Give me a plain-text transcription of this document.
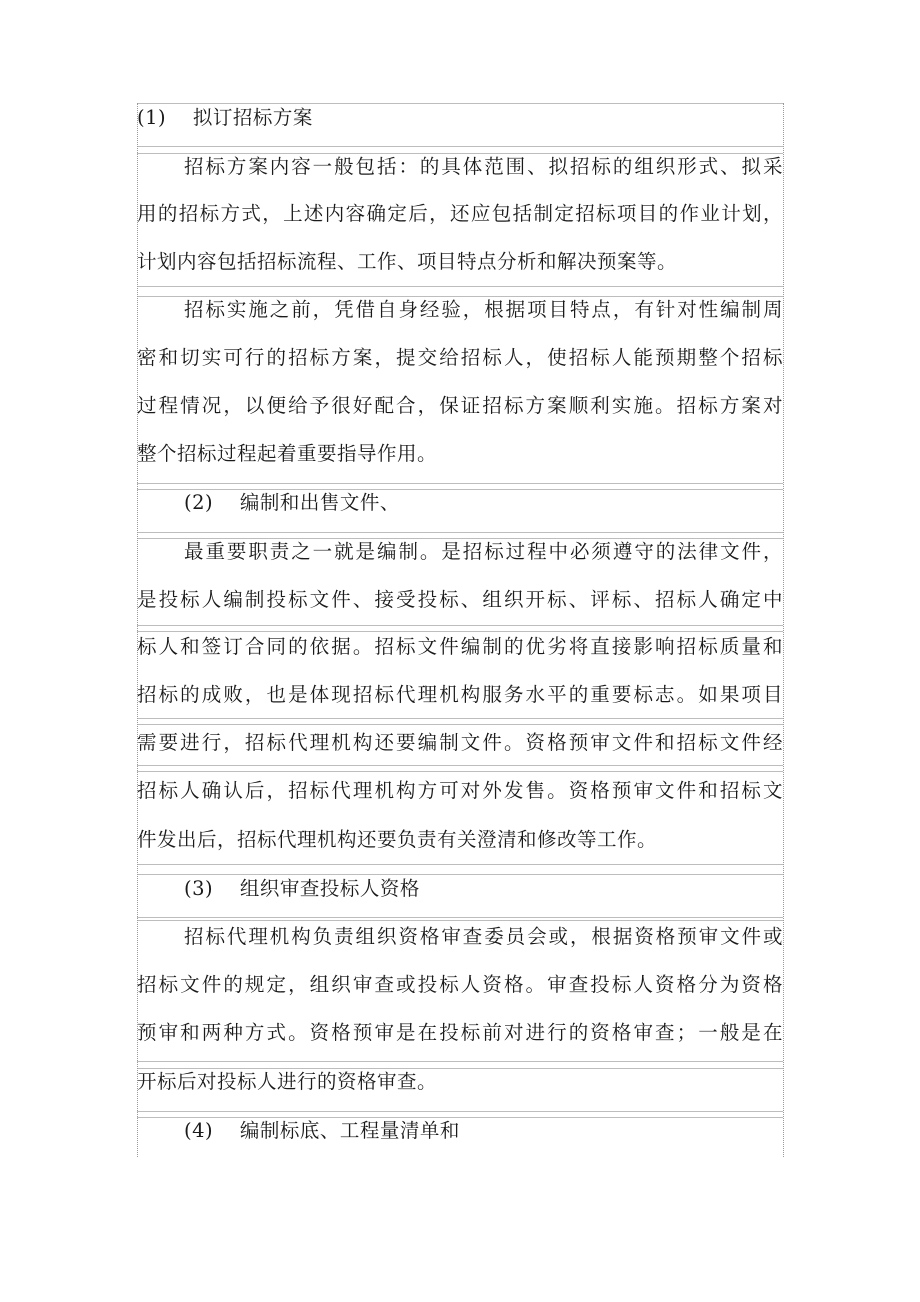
(1)　 拟订招标方案
招标方案内容一般包括：的具体范围、拟招标的组织形式、拟采
用的招标方式，上述内容确定后，还应包括制定招标项目的作业计划，
计划内容包括招标流程、工作、项目特点分析和解决预案等。
招标实施之前，凭借自身经验，根据项目特点，有针对性编制周
密和切实可行的招标方案，提交给招标人，使招标人能预期整个招标
过程情况，以便给予很好配合，保证招标方案顺利实施。招标方案对
整个招标过程起着重要指导作用。
(2)　 编制和出售文件、
最重要职责之一就是编制。是招标过程中必须遵守的法律文件，
是投标人编制投标文件、接受投标、组织开标、评标、招标人确定中
标人和签订合同的依据。招标文件编制的优劣将直接影响招标质量和
招标的成败，也是体现招标代理机构服务水平的重要标志。如果项目
需要进行，招标代理机构还要编制文件。资格预审文件和招标文件经
招标人确认后，招标代理机构方可对外发售。资格预审文件和招标文
件发出后，招标代理机构还要负责有关澄清和修改等工作。
(3)　 组织审查投标人资格
招标代理机构负责组织资格审查委员会或，根据资格预审文件或
招标文件的规定，组织审查或投标人资格。审查投标人资格分为资格
预审和两种方式。资格预审是在投标前对进行的资格审查；一般是在
开标后对投标人进行的资格审查。
(4)　 编制标底、工程量清单和
